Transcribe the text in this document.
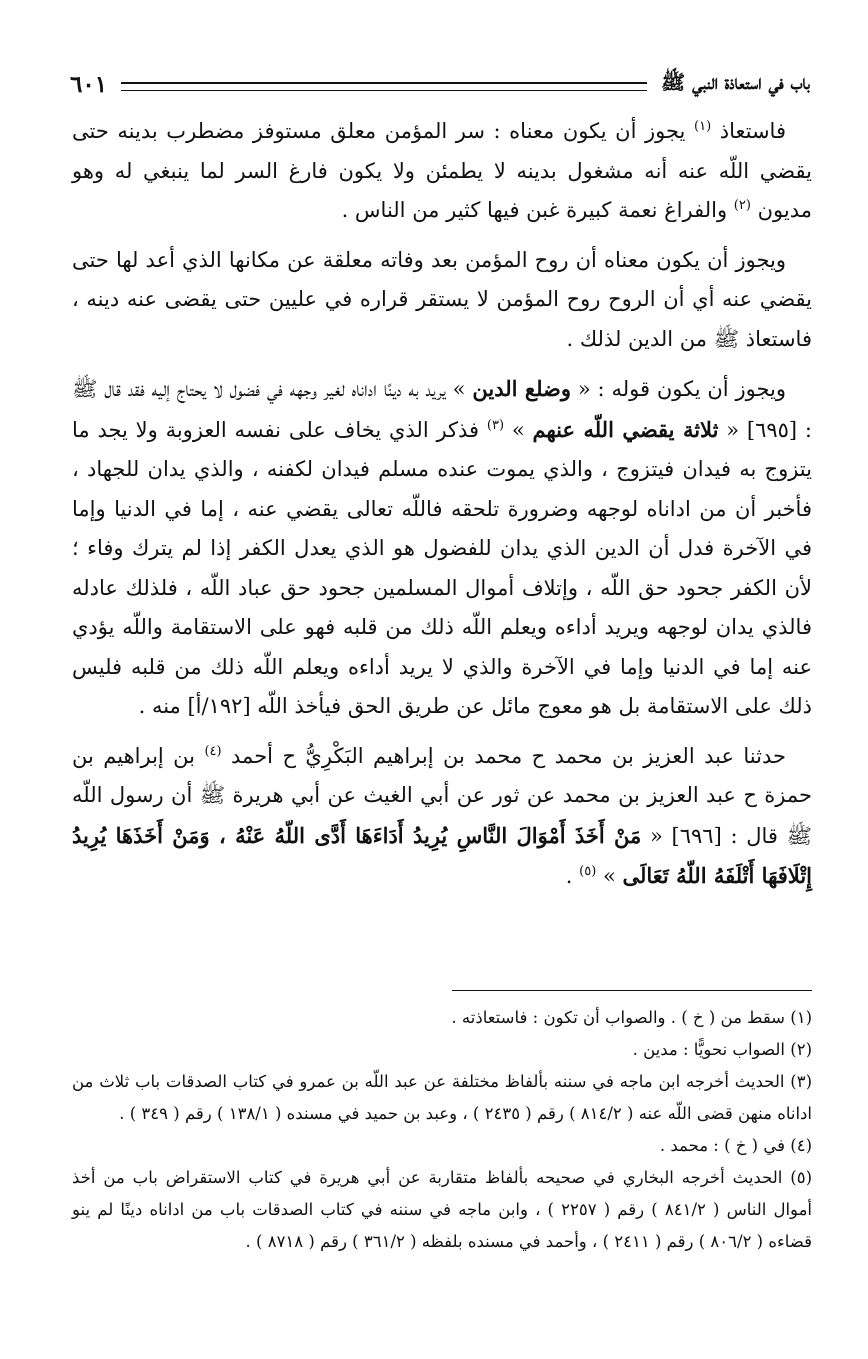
٦٠١	باب في استعاذة النبي ﷺ

فاستعاذ $^{(١)}$ يجوز أن يكون معناه : سر المؤمن معلق مستوفز مضطرب بدينه حتى يقضي اللّه عنه أنه مشغول بدينه لا يطمئن ولا يكون فارغ السر لما ينبغي له وهو مديون $^{(٢)}$ والفراغ نعمة كبيرة غبن فيها كثير من الناس .

ويجوز أن يكون معناه أن روح المؤمن بعد وفاته معلقة عن مكانها الذي أعد لها حتى يقضي عنه أي أن الروح روح المؤمن لا يستقر قراره في عليين حتى يقضى عنه دينه ، فاستعاذ ﷺ من الدين لذلك .

ويجوز أن يكون قوله : « وضلع الدين » يريد به دينًا اداناه لغير وجهه في فضول لا يحتاج إليه فقد قال ﷺ : [٦٩٥] « ثلاثة يقضي اللّه عنهم » $^{(٣)}$ فذكر الذي يخاف على نفسه العزوبة ولا يجد ما يتزوج به فيدان فيتزوج ، والذي يموت عنده مسلم فيدان لكفنه ، والذي يدان للجهاد ، فأخبر أن من اداناه لوجهه وضرورة تلحقه فاللّه تعالى يقضي عنه ، إما في الدنيا وإما في الآخرة فدل أن الدين الذي يدان للفضول هو الذي يعدل الكفر إذا لم يترك وفاء ؛ لأن الكفر جحود حق اللّه ، وإتلاف أموال المسلمين جحود حق عباد اللّه ، فلذلك عادله فالذي يدان لوجهه ويريد أداءه ويعلم اللّه ذلك من قلبه فهو على الاستقامة واللّه يؤدي عنه إما في الدنيا وإما في الآخرة والذي لا يريد أداءه ويعلم اللّه ذلك من قلبه فليس ذلك على الاستقامة بل هو معوج مائل عن طريق الحق فيأخذ اللّه [١٩٢/أ] منه .

حدثنا عبد العزيز بن محمد ح محمد بن إبراهيم البَكْرِيُّ ح أحمد $^{(٤)}$ بن إبراهيم بن حمزة ح عبد العزيز بن محمد عن ثور عن أبي الغيث عن أبي هريرة ﷺ أن رسول اللّه ﷺ قال : [٦٩٦] « مَنْ أَخَذَ أَمْوَالَ النَّاسِ يُرِيدُ أَدَاءَهَا أَدَّى اللّهُ عَنْهُ ، وَمَنْ أَخَذَهَا يُرِيدُ إِتْلَافَهَا أَتْلَفَهُ اللّهُ تَعَالَى » $^{(٥)}$ .

(١) سقط من ( خ ) . والصواب أن تكون : فاستعاذته .

(٢) الصواب نحويًّا : مدين .

(٣) الحديث أخرجه ابن ماجه في سننه بألفاظ مختلفة عن عبد اللّه بن عمرو في كتاب الصدقات باب ثلاث من اداناه منهن قضى اللّه عنه ( ٨١٤/٢ ) رقم ( ٢٤٣٥ ) ، وعبد بن حميد في مسنده ( ١٣٨/١ ) رقم ( ٣٤٩ ) .

(٤) في ( خ ) : محمد .

(٥) الحديث أخرجه البخاري في صحيحه بألفاظ متقاربة عن أبي هريرة في كتاب الاستقراض باب من أخذ أموال الناس ( ٨٤١/٢ ) رقم ( ٢٢٥٧ ) ، وابن ماجه في سننه في كتاب الصدقات باب من اداناه دينًا لم ينو قضاءه ( ٨٠٦/٢ ) رقم ( ٢٤١١ ) ، وأحمد في مسنده بلفظه ( ٣٦١/٢ ) رقم ( ٨٧١٨ ) .
